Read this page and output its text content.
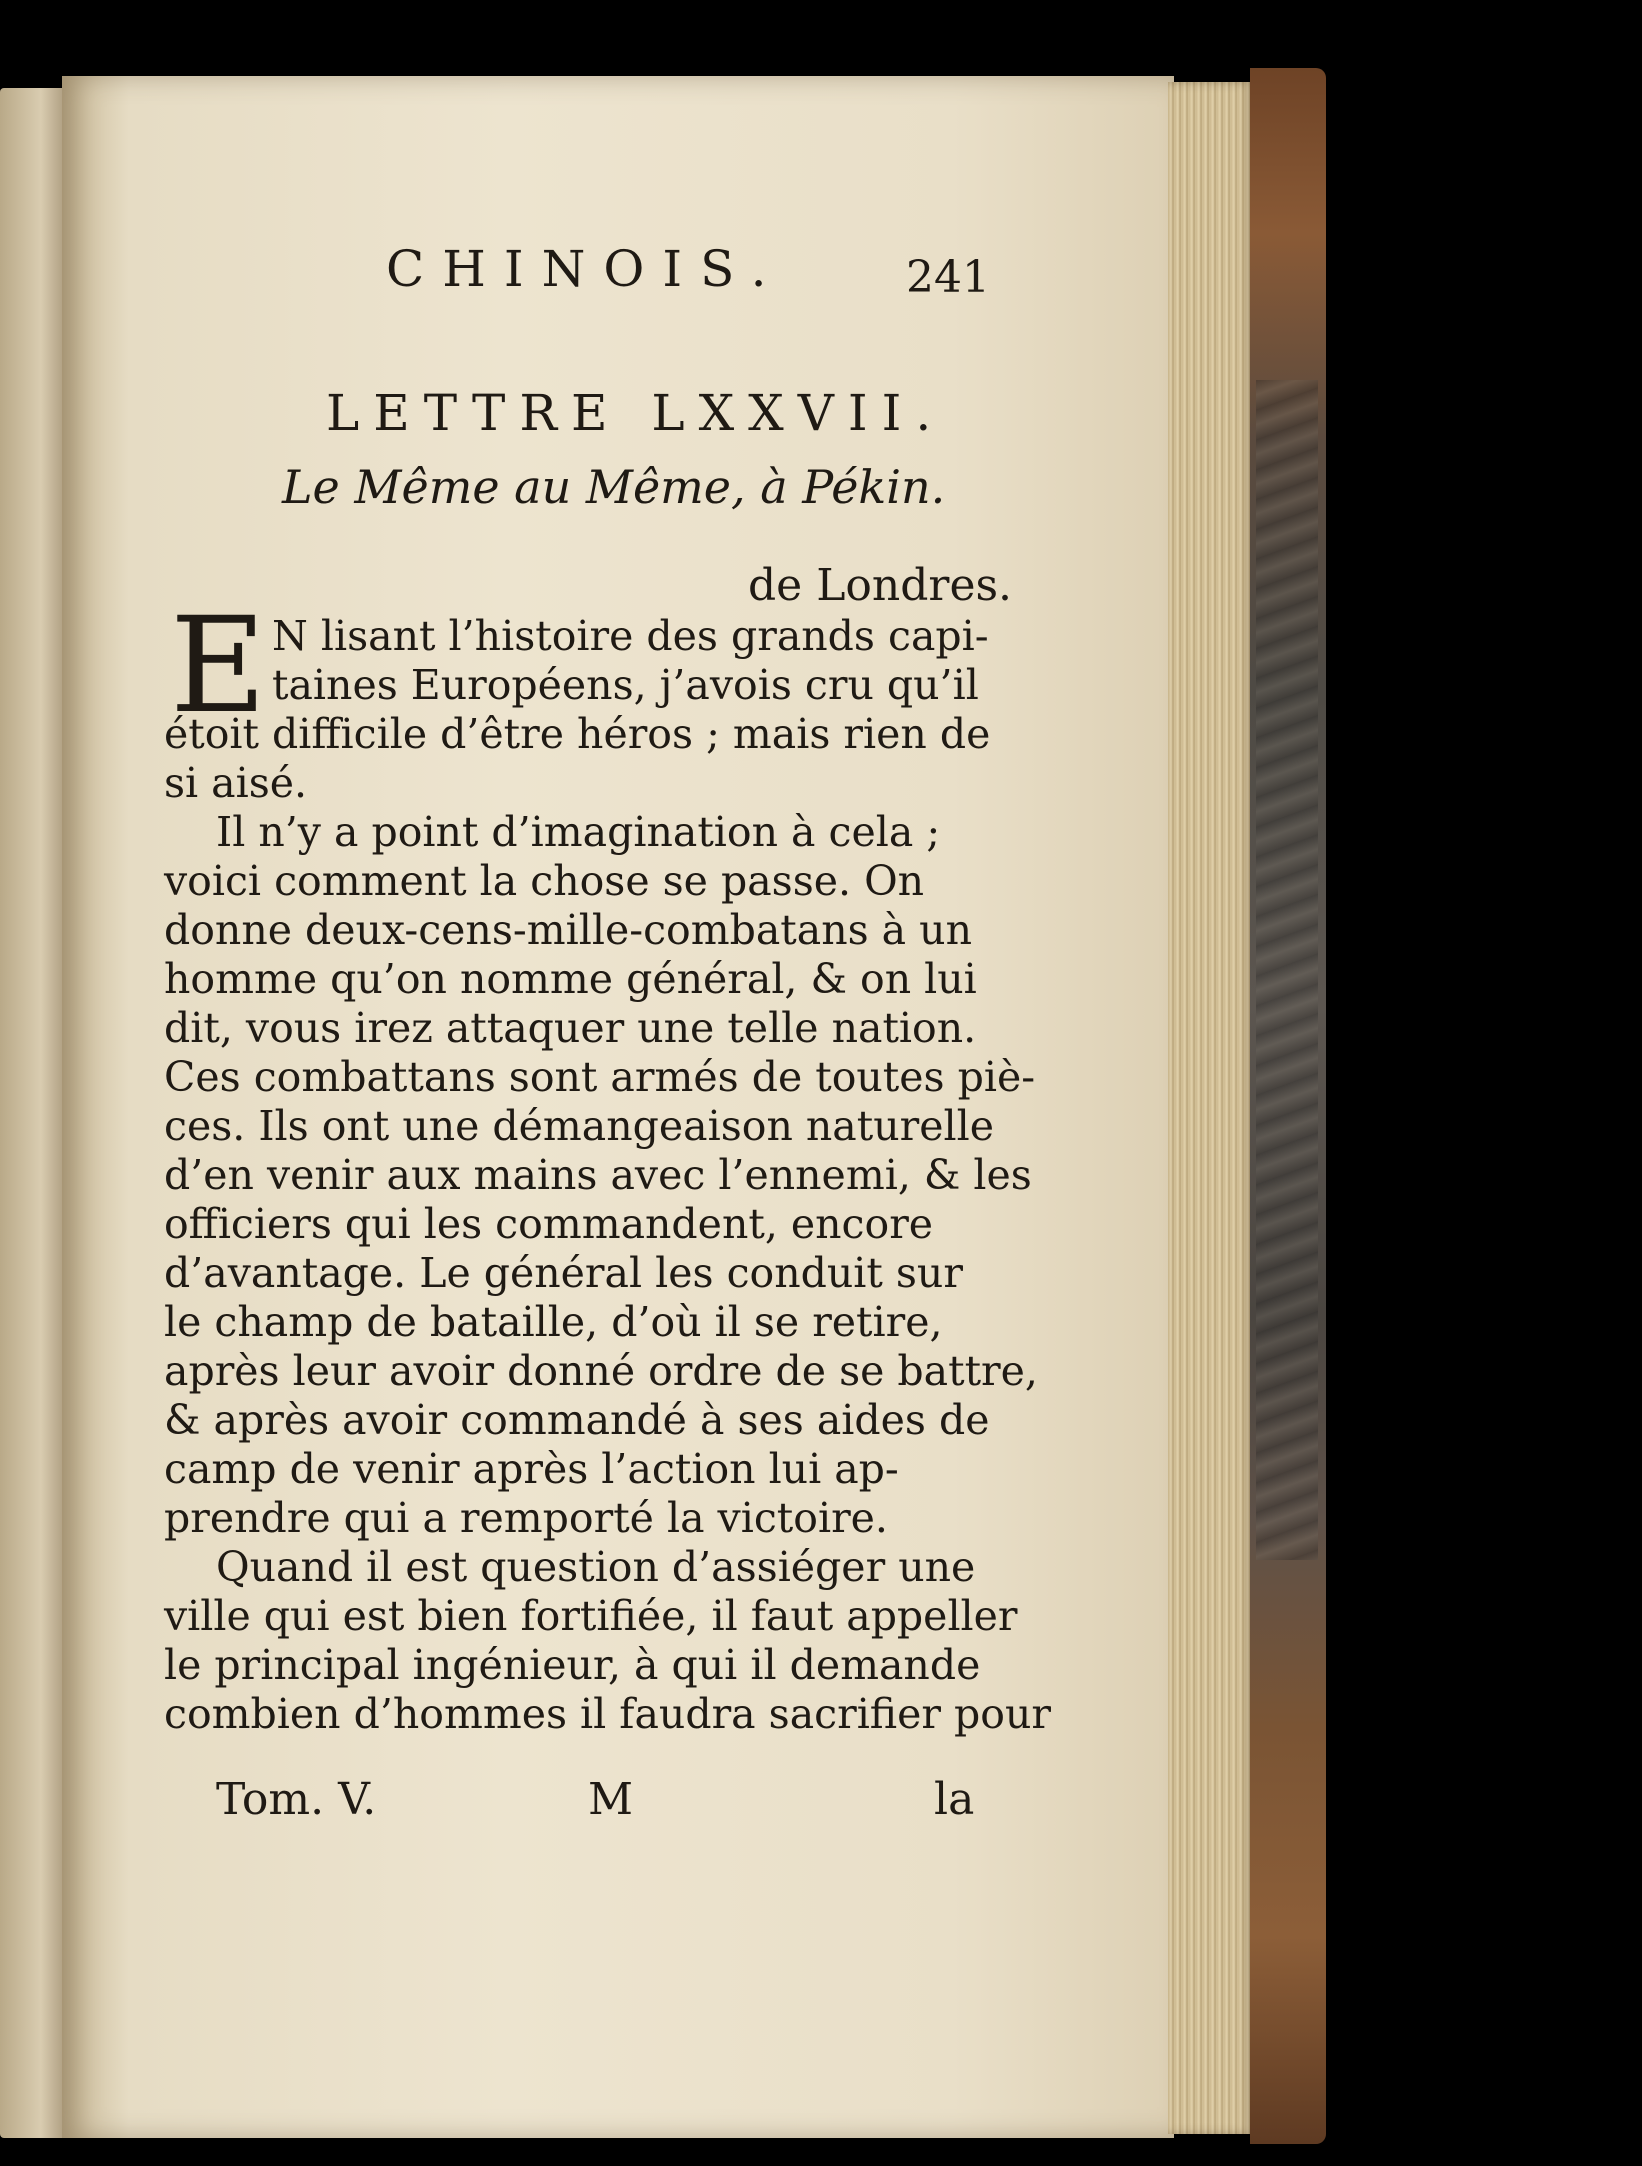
CHINOIS.	241
LETTRE LXXVII.
Le Même au Même, à Pékin.
de Londres.
E N lisant l’histoire des grands capi-
taines Européens, j’avois cru qu’il
étoit difficile d’être héros ; mais rien de
si aisé.
Il n’y a point d’imagination à cela ;
voici comment la chose se passe. On
donne deux-cens-mille-combatans à un
homme qu’on nomme général, & on lui
dit, vous irez attaquer une telle nation.
Ces combattans sont armés de toutes piè-
ces. Ils ont une démangeaison naturelle
d’en venir aux mains avec l’ennemi, & les
officiers qui les commandent, encore
d’avantage. Le général les conduit sur
le champ de bataille, d’où il se retire,
après leur avoir donné ordre de se battre,
& après avoir commandé à ses aides de
camp de venir après l’action lui ap-
prendre qui a remporté la victoire.
Quand il est question d’assiéger une
ville qui est bien fortifiée, il faut appeller
le principal ingénieur, à qui il demande
combien d’hommes il faudra sacrifier pour
Tom. V.	M	la
